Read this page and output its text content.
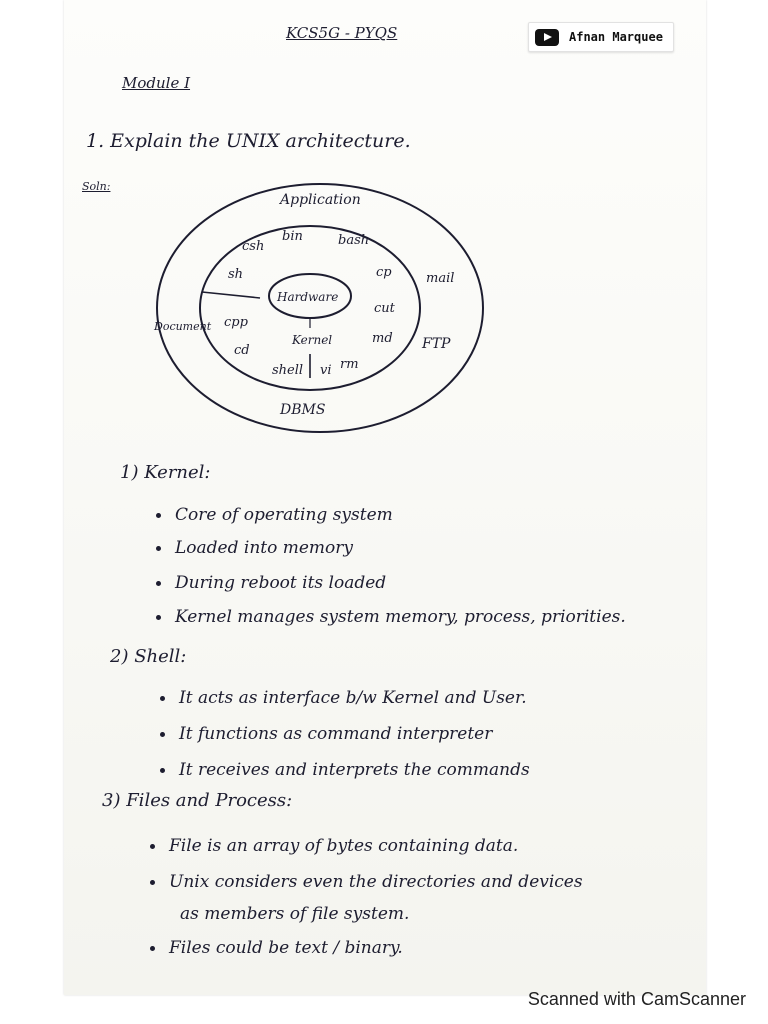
KCS5G - PYQS	Afnan Marquee
Module I
1. Explain the UNIX architecture.
Soln:
Application
Document
mail
FTP
DBMS
csh
bin	bash
sh	cp
cut
cpp
cd
md
shell vi rm
Hardware
Kernel
1) Kernel:
Core of operating system
Loaded into memory
During reboot its loaded
Kernel manages system memory, process, priorities.
2) Shell:
It acts as interface b/w Kernel and User.
It functions as command interpreter
It receives and interprets the commands
3) Files and Process:
File is an array of bytes containing data.
Unix considers even the directories and devices
as members of file system.
Files could be text / binary.
Scanned with CamScanner
